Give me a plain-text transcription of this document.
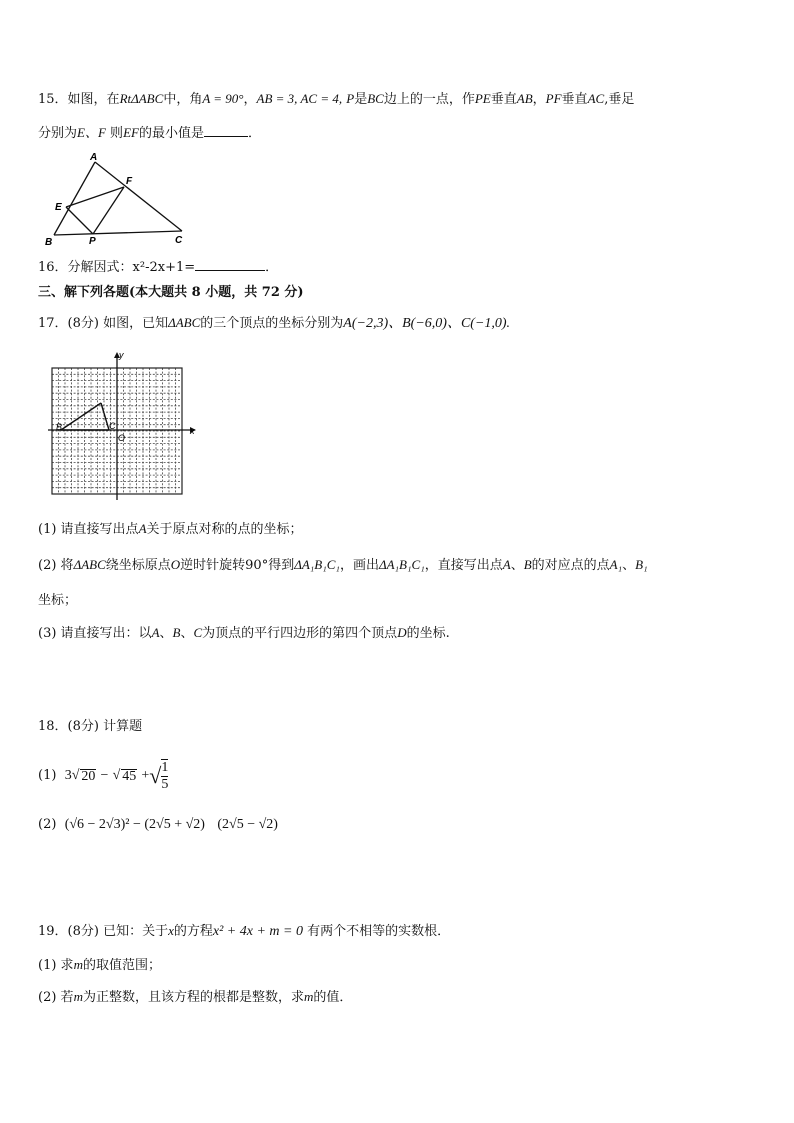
15．如图，在RtΔABC中，角A = 90°，AB = 3, AC = 4, P是BC边上的一点，作PE垂直AB，PF垂直AC,垂足
分别为E、F 则EF的最小值是	．
A
B	C
E
F
P
16．分解因式：x²-2x+1=	．
三、解下列各题(本大题共 8 小题，共 72 分)
17．(8分) 如图，已知ΔABC的三个顶点的坐标分别为A(−2,3)、B(−6,0)、C(−1,0).
x
y
B	C
O
(1) 请直接写出点A关于原点对称的点的坐标；
(2) 将ΔABC绕坐标原点O逆时针旋转90°得到ΔA₁B₁C₁，画出ΔA₁B₁C₁，直接写出点A、B的对应点的点A₁、B₁
坐标；
(3) 请直接写出：以A、B、C为顶点的平行四边形的第四个顶点D的坐标.
18．(8分) 计算题
(1)
3 √ 20
−
√ 45
+ √ $\frac{1}{5}$
(2) (√6 − 2√3)² − (2√5 + √2) (2√5 − √2)
19．(8分) 已知：关于x的方程x² + 4x + m = 0 有两个不相等的实数根．
(1) 求m的取值范围；
(2) 若m为正整数，且该方程的根都是整数，求m的值．
